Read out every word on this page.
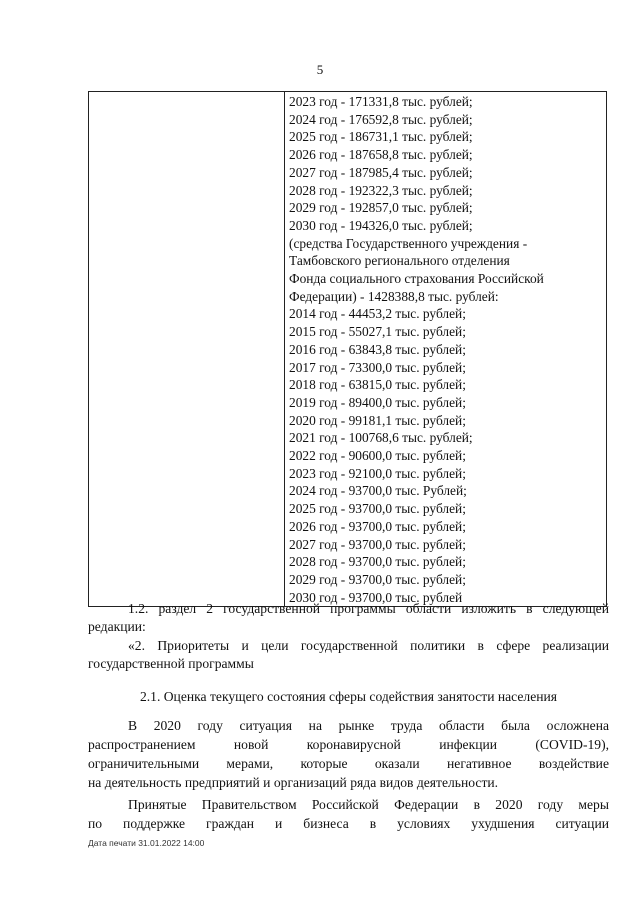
5

2023 год - 171331,8 тыс. рублей;
2024 год - 176592,8 тыс. рублей;
2025 год - 186731,1 тыс. рублей;
2026 год - 187658,8 тыс. рублей;
2027 год - 187985,4 тыс. рублей;
2028 год - 192322,3 тыс. рублей;
2029 год - 192857,0 тыс. рублей;
2030 год - 194326,0 тыс. рублей;
(средства Государственного учреждения -
Тамбовского регионального отделения
Фонда социального страхования Российской
Федерации) - 1428388,8 тыс. рублей:
2014 год - 44453,2 тыс. рублей;
2015 год - 55027,1 тыс. рублей;
2016 год - 63843,8 тыс. рублей;
2017 год - 73300,0 тыс. рублей;
2018 год - 63815,0 тыс. рублей;
2019 год - 89400,0 тыс. рублей;
2020 год - 99181,1 тыс. рублей;
2021 год - 100768,6 тыс. рублей;
2022 год - 90600,0 тыс. рублей;
2023 год - 92100,0 тыс. рублей;
2024 год - 93700,0 тыс. Рублей;
2025 год - 93700,0 тыс. рублей;
2026 год - 93700,0 тыс. рублей;
2027 год - 93700,0 тыс. рублей;
2028 год - 93700,0 тыс. рублей;
2029 год - 93700,0 тыс. рублей;
2030 год - 93700,0 тыс. рублей
1.2. раздел 2 государственной программы области изложить в следующей
редакции:
«2. Приоритеты и цели государственной политики в сфере реализации
государственной программы
2.1. Оценка текущего состояния сферы содействия занятости населения
В 2020 году ситуация на рынке труда области была осложнена
распространением новой коронавирусной инфекции (COVID-19),
ограничительными мерами, которые оказали негативное воздействие
на деятельность предприятий и организаций ряда видов деятельности.
Принятые Правительством Российской Федерации в 2020 году меры
по поддержке граждан и бизнеса в условиях ухудшения ситуации
Дата печати 31.01.2022 14:00
